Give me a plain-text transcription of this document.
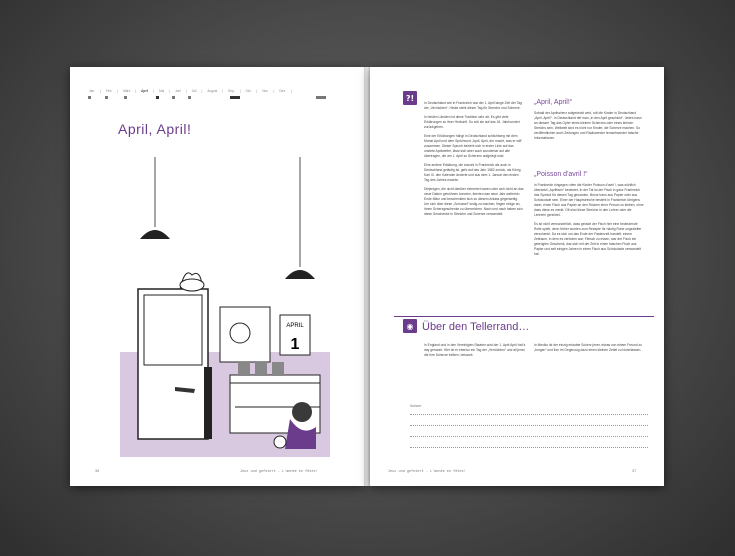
Jan.	|	Feb.	|	März	|	April	|	Mai	|	Juni	|	Juli	|	August	|	Sep.	|	Okt.	|	Nov.	|	Dez.	|
April, April!
APRIL
1
36	Jeux und gefeiert - L'année en fêtes!
?!

In Deutschland wie in Frankreich war der 1. April lange Zeit der Tag der „Verrückten“. Heute steht dieser Tag für Streiche und Scherze.

In beiden Ländern ist diese Tradition sehr alt. Es gibt viele Erklärungen zu ihrer Herkunft. So soll sie auf das 16. Jahrhundert zurückgehen.

Eine der Erklärungen hängt in Deutschland schlichtweg mit dem Monat April und dem Sprichwort „April, April, der macht, was er will“ zusammen. Dieser Spruch bezieht sich in erster Linie auf das unstete Aprilwetter, lässt sich aber auch wunderbar auf alle übertragen, die am 1. April zu Scherzen aufgelegt sind.

Eine andere Erklärung, die sowohl in Frankreich als auch in Deutschland geläufig ist, geht auf das Jahr 1582 zurück, als König Karl IX. den Kalender änderte und aus dem 1. Januar den ersten Tag des Jahres machte.

Diejenigen, die nicht darüber informiert waren oder sich nicht an das neue Datum gewöhnen konnten, feierten das neue Jahr weiterhin Ende März und beschenkten sich zu diesem Anlass gegenseitig. Um sich über diese „Schussel“ lustig zu machen, fingen einige an, ihnen Scherzgeschenke zu überreichen. Nach und nach haben sich diese Geschenke in Streiche und Scherze verwandelt.

„April, April!“
Sobald der Aprilscherz aufgedeckt wird, ruft die Kinder in Deutschland „April, April!“. In Deutschland rief man „In den April geschickt“. Jedes kann an diesem Tag das Opfer eines kleinen Scherzes oder eines kleinen Streichs sein. Weltweit sind es nicht nur Kinder, die Scherze machen. So veröffentlichen auch Zeitungen und Radiosender fernsehsender falsche Informationen.
„Poisson d'avril !“

In Frankreich hingegen rufen die Kinder Poisson d'avril !, was wörtlich übersetzt „Aprilfisch“ bedeutet. In der Tat ist der Fisch in ganz Frankreich das Symbol für diesen Tag geworden. Bevor kann aus Papier oder aus Schokolade sein. Einer der Hauptstreiche besteht in Frankreich übrigens darin, einen Fisch aus Papier an den Rücken einer Person zu kleben, ohne dass diese es merkt. Oft sind diese Streiche in den Lehrer oder die Lehrerin gerichtet.

Es ist nicht verwunderlich, dass gerade der Fisch hier eine bedeutende Rolle spielt, denn früher wurden zum Rezepte für häufig Rohe ungezielter verschenkt. Da es sich um das Ende der Fastenzeit handelt, einem Zeitraum, in dem es verboten war, Fleisch zu essen, war der Fisch ein gebrügtes Geschenk, das sich mit der Zeit in einen falschen Fisch aus Papier und seit einigen Jahren in einen Fisch aus Schokolade verwandelt hat.

◉ Über den Tellerrand…
In England und in den Vereinigten Staaten wird der 1. April April fool's day genannt. Hier ist er ebenso ein Tag der „Verrückten“ und all jener, die ihre Scherze treiben, bekannt.
In Mexiko ist der einzig erlaubte Scherz jener, etwas von einem Freund zu „borgen“ und ihm im Gegenzug dazu einen kleinen Zettel zu hinterlassen.
Notizen:
Jeux und gefeiert - L'année en fêtes!	37
